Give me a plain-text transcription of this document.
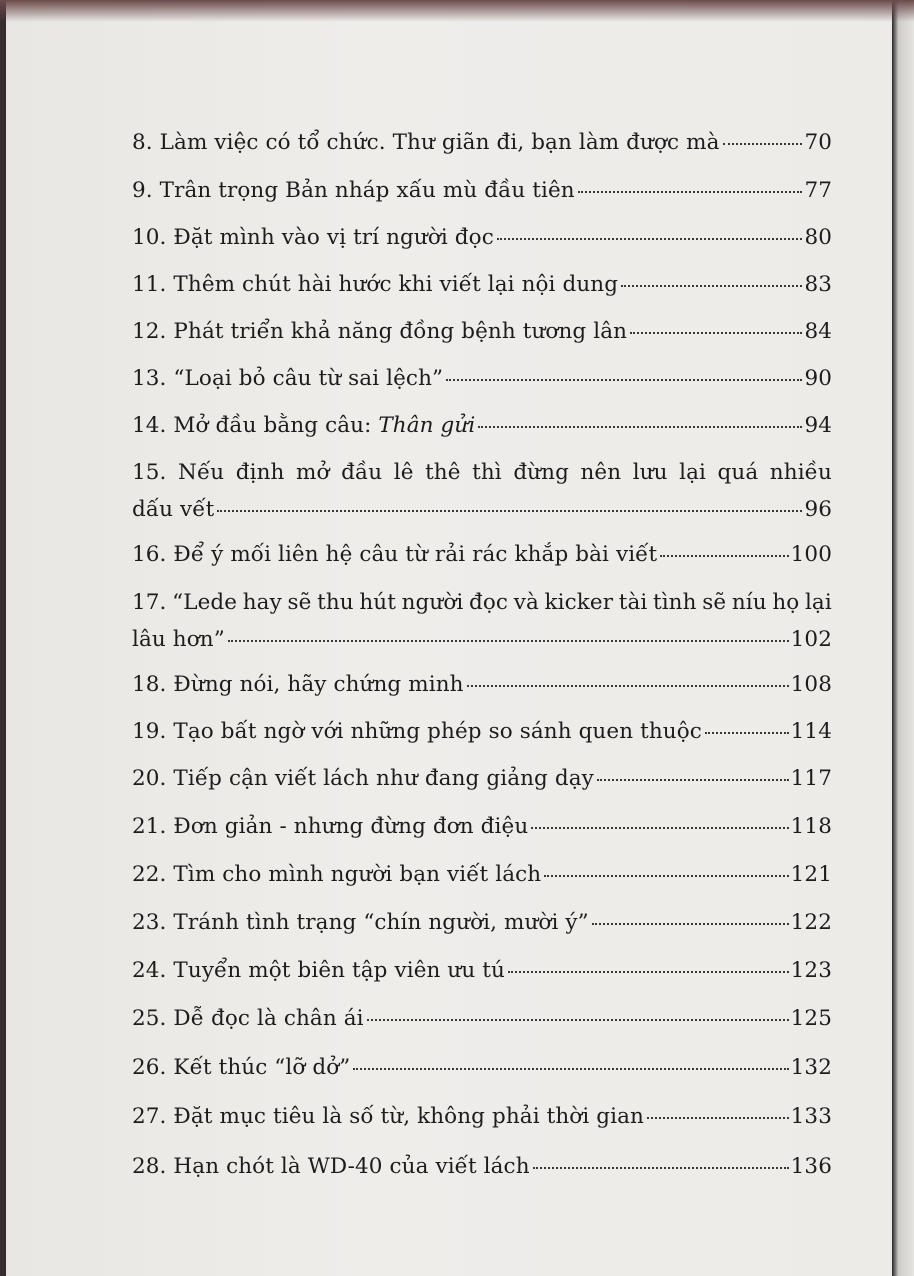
8. Làm việc có tổ chức. Thư giãn đi, bạn làm được mà	70
9. Trân trọng Bản nháp xấu mù đầu tiên	77
10. Đặt mình vào vị trí người đọc	80
11. Thêm chút hài hước khi viết lại nội dung	83
12. Phát triển khả năng đồng bệnh tương lân	84
13. “Loại bỏ câu từ sai lệch”	90
14. Mở đầu bằng câu: Thân gửi	94
15. Nếu định mở đầu lê thê thì đừng nên lưu lại quá nhiều
dấu vết	96
16. Để ý mối liên hệ câu từ rải rác khắp bài viết	100
17. “Lede hay sẽ thu hút người đọc và kicker tài tình sẽ níu họ lại
lâu hơn”	102
18. Đừng nói, hãy chứng minh	108
19. Tạo bất ngờ với những phép so sánh quen thuộc	114
20. Tiếp cận viết lách như đang giảng dạy	117
21. Đơn giản - nhưng đừng đơn điệu	118
22. Tìm cho mình người bạn viết lách	121
23. Tránh tình trạng “chín người, mười ý”	122
24. Tuyển một biên tập viên ưu tú	123
25. Dễ đọc là chân ái	125
26. Kết thúc “lỡ dở”	132
27. Đặt mục tiêu là số từ, không phải thời gian	133
28. Hạn chót là WD-40 của viết lách	136
